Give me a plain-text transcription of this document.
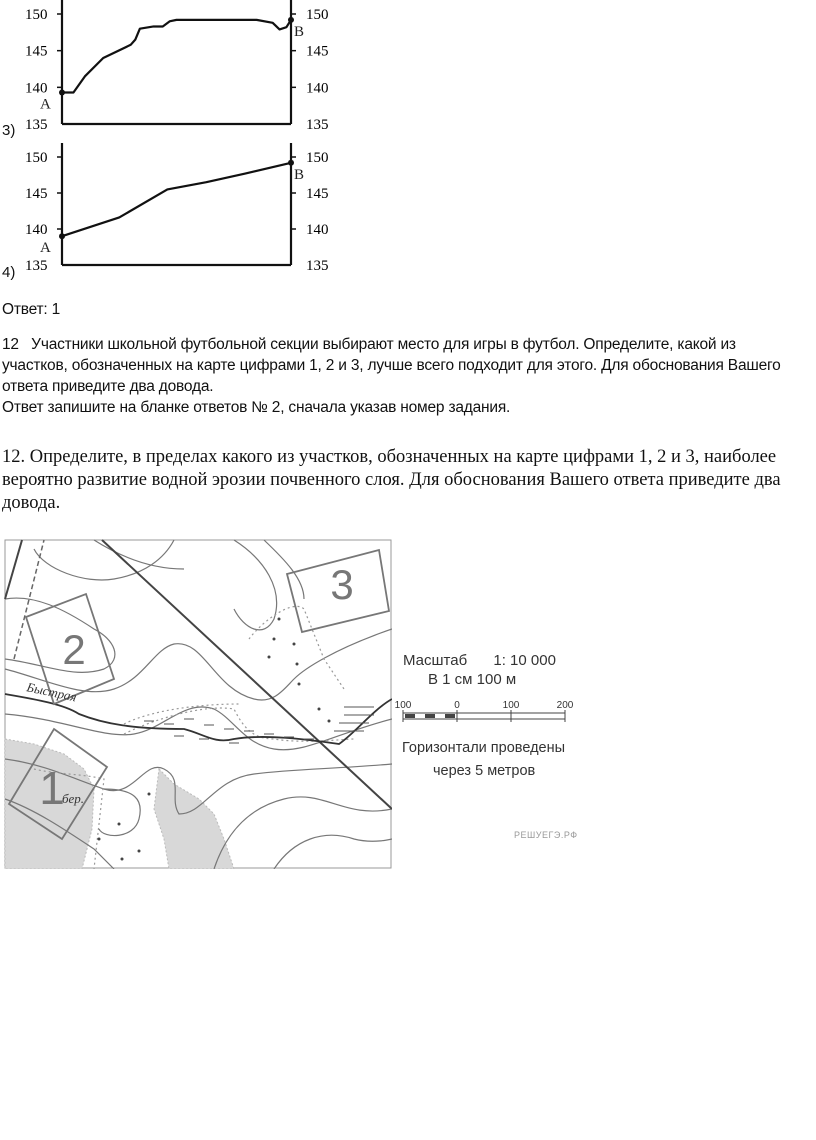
150	150
145	145
140	140
135	135
A
B
3)
150	150
145	145
140	140
135	135
A
B
4)
Ответ: 1
12 Участники школьной футбольной секции выбирают место для игры в футбол. Определите, какой из
участков, обозначенных на карте цифрами 1, 2 и 3, лучше всего подходит для этого. Для обоснования Вашего
ответа приведите два довода.
Ответ запишите на бланке ответов № 2, сначала указав номер задания.
12. Определите, в пределах какого из участков, обозначенных на карте цифрами 1, 2 и 3, наиболее
вероятно развитие водной эрозии почвенного слоя. Для обоснования Вашего ответа приведите два
довода.
2
3
1
бер.
Быстрая
Масштаб 1: 10 000
В 1 см 100 м
100	0	100	200
Горизонтали проведены
через 5 метров
РЕШУЕГЭ.РФ
